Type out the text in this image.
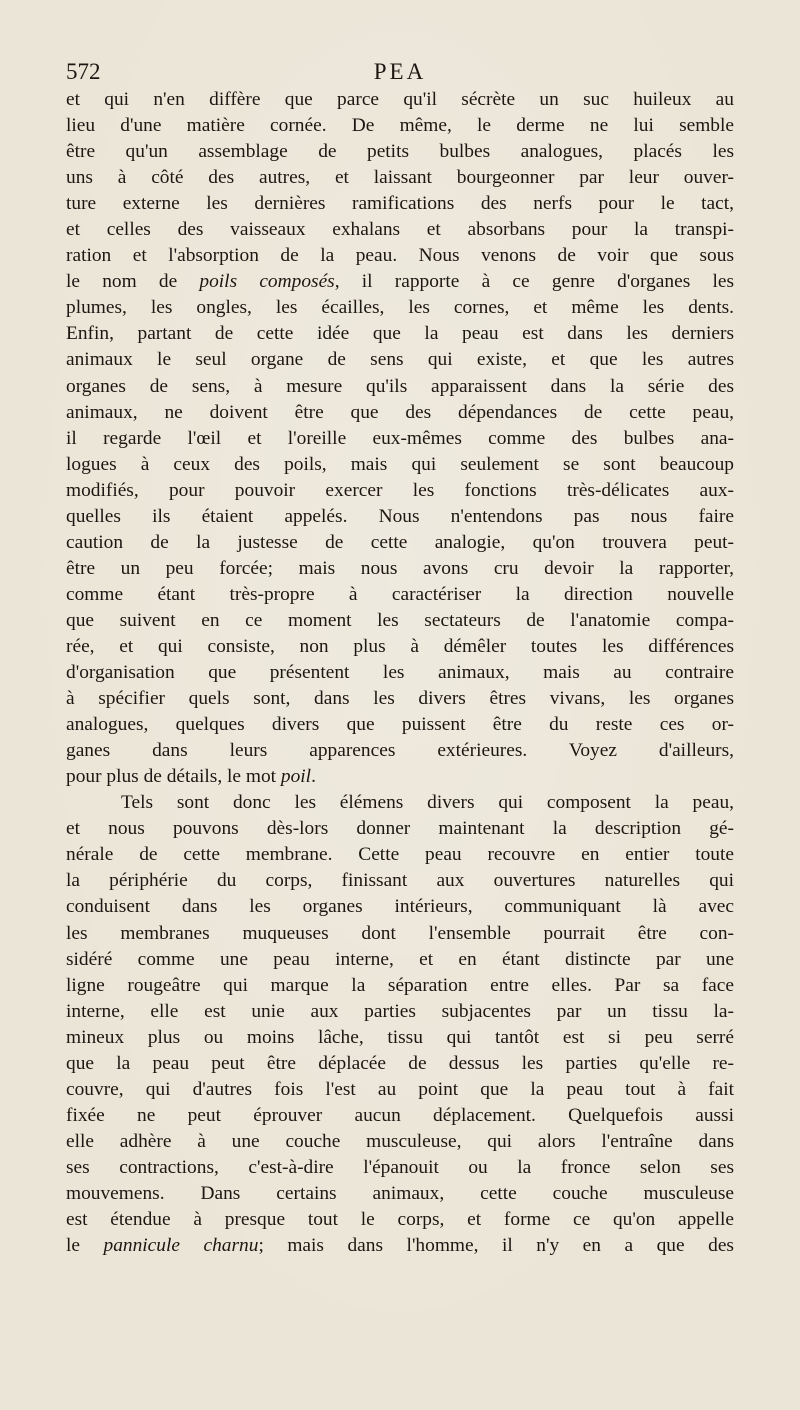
572	PEA
et qui n'en diffère que parce qu'il sécrète un suc huileux au
lieu d'une matière cornée. De même, le derme ne lui semble
être qu'un assemblage de petits bulbes analogues, placés les
uns à côté des autres, et laissant bourgeonner par leur ouver-
ture externe les dernières ramifications des nerfs pour le tact,
et celles des vaisseaux exhalans et absorbans pour la transpi-
ration et l'absorption de la peau. Nous venons de voir que sous
le nom de poils composés, il rapporte à ce genre d'organes les
plumes, les ongles, les écailles, les cornes, et même les dents.
Enfin, partant de cette idée que la peau est dans les derniers
animaux le seul organe de sens qui existe, et que les autres
organes de sens, à mesure qu'ils apparaissent dans la série des
animaux, ne doivent être que des dépendances de cette peau,
il regarde l'œil et l'oreille eux-mêmes comme des bulbes ana-
logues à ceux des poils, mais qui seulement se sont beaucoup
modifiés, pour pouvoir exercer les fonctions très-délicates aux-
quelles ils étaient appelés. Nous n'entendons pas nous faire
caution de la justesse de cette analogie, qu'on trouvera peut-
être un peu forcée; mais nous avons cru devoir la rapporter,
comme étant très-propre à caractériser la direction nouvelle
que suivent en ce moment les sectateurs de l'anatomie compa-
rée, et qui consiste, non plus à démêler toutes les différences
d'organisation que présentent les animaux, mais au contraire
à spécifier quels sont, dans les divers êtres vivans, les organes
analogues, quelques divers que puissent être du reste ces or-
ganes dans leurs apparences extérieures. Voyez d'ailleurs,
pour plus de détails, le mot poil.
Tels sont donc les élémens divers qui composent la peau,
et nous pouvons dès-lors donner maintenant la description gé-
nérale de cette membrane. Cette peau recouvre en entier toute
la périphérie du corps, finissant aux ouvertures naturelles qui
conduisent dans les organes intérieurs, communiquant là avec
les membranes muqueuses dont l'ensemble pourrait être con-
sidéré comme une peau interne, et en étant distincte par une
ligne rougeâtre qui marque la séparation entre elles. Par sa face
interne, elle est unie aux parties subjacentes par un tissu la-
mineux plus ou moins lâche, tissu qui tantôt est si peu serré
que la peau peut être déplacée de dessus les parties qu'elle re-
couvre, qui d'autres fois l'est au point que la peau tout à fait
fixée ne peut éprouver aucun déplacement. Quelquefois aussi
elle adhère à une couche musculeuse, qui alors l'entraîne dans
ses contractions, c'est-à-dire l'épanouit ou la fronce selon ses
mouvemens. Dans certains animaux, cette couche musculeuse
est étendue à presque tout le corps, et forme ce qu'on appelle
le pannicule charnu; mais dans l'homme, il n'y en a que des
